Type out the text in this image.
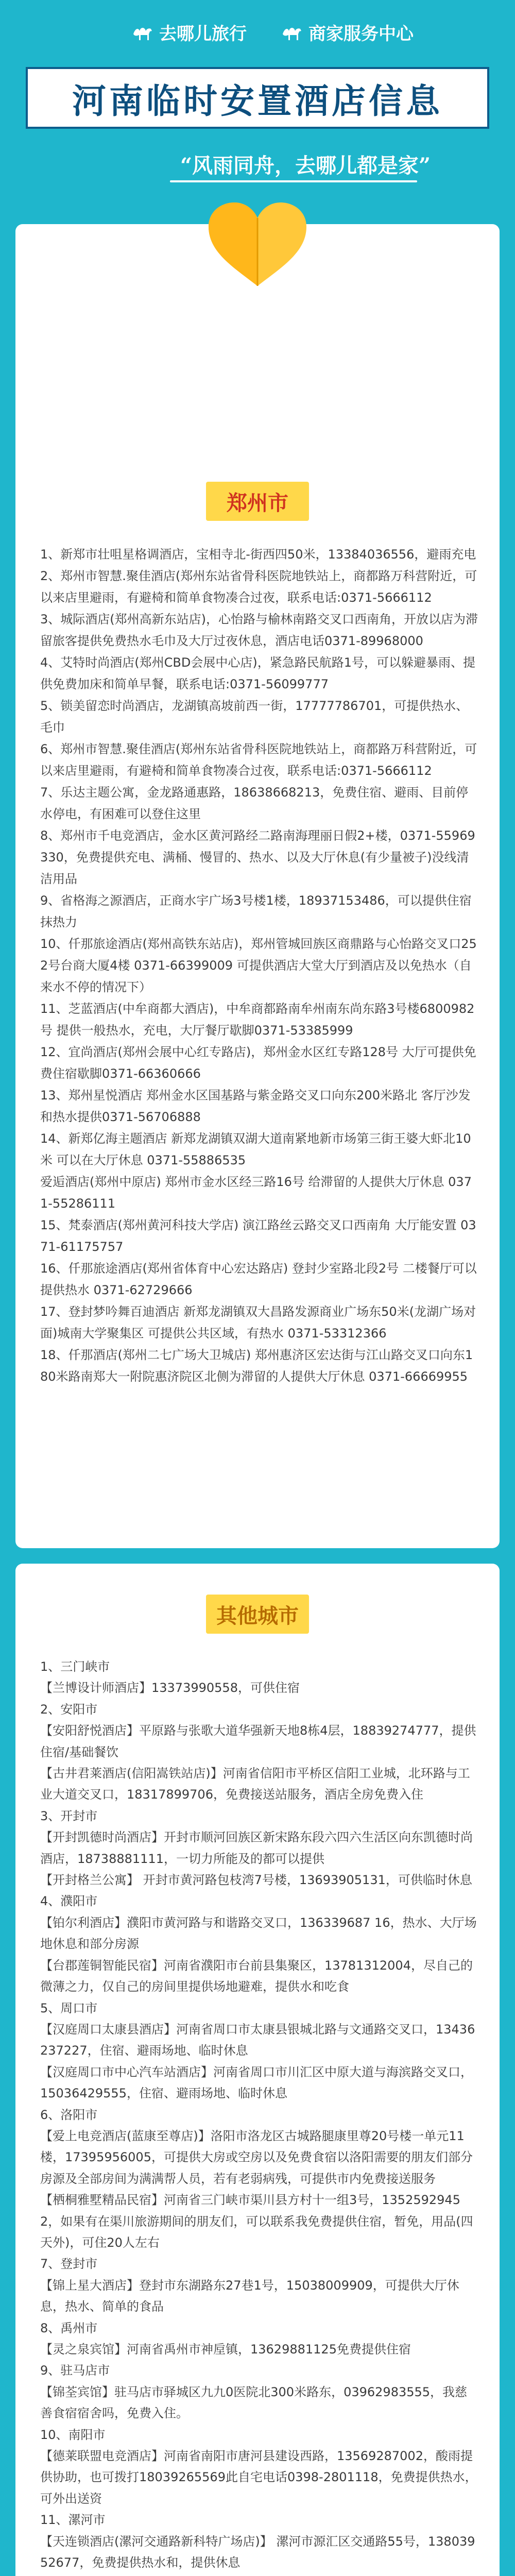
去哪儿旅行	商家服务中心
河南临时安置酒店信息
“风雨同舟，去哪儿都是家”
郑州市
1、新郑市壮咀星格调酒店，宝相寺北-街西四50米，13384036556，避雨充电
2、郑州市智慧.聚佳酒店(郑州东站省骨科医院地铁站上，商都路万科营附近，可以来店里避雨，有避椅和简单食物凑合过夜，联系电话:0371-5666112
3、城际酒店(郑州高新东站店)，心怡路与榆林南路交叉口西南角，开放以店为滞留旅客提供免费热水毛巾及大厅过夜休息，酒店电话0371-89968000
4、艾特时尚酒店(郑州CBD会展中心店)，紧急路民航路1号，可以躲避暴雨、提供免费加床和简单早餐，联系电话:0371-56099777
5、锁美留恋时尚酒店，龙湖镇高坡前西一街，17777786701，可提供热水、毛巾
6、郑州市智慧.聚佳酒店(郑州东站省骨科医院地铁站上，商都路万科营附近，可以来店里避雨，有避椅和简单食物凑合过夜，联系电话:0371-5666112
7、乐达主题公寓，金龙路通惠路，18638668213，免费住宿、避雨、目前停水停电，有困难可以登住这里
8、郑州市千电竞酒店，金水区黄河路经二路南海理丽日假2+楼，0371-55969330，免费提供充电、满桶、慢冒的、热水、以及大厅休息(有少量被子)没线清洁用品
9、省格海之源酒店，正商水宇广场3号楼1楼，18937153486，可以提供住宿抹热力
10、仟那旅途酒店(郑州高铁东站店)，郑州管城回族区商鼎路与心怡路交叉口252号台商大厦4楼 0371-66399009 可提供酒店大堂大厅到酒店及以免热水（自来水不停的情况下）
11、芝蓝酒店(中牟商都大酒店)，中牟商都路南牟州南东尚东路3号楼6800982号 提供一般热水，充电，大厅餐厅歇脚0371-53385999
12、宜尚酒店(郑州会展中心红专路店)，郑州金水区红专路128号 大厅可提供免费住宿歇脚0371-66360666
13、郑州星悦酒店 郑州金水区国基路与紫金路交叉口向东200米路北 客厅沙发和热水提供0371-56706888
14、新郑亿海主题酒店 新郑龙湖镇双湖大道南紧地新市场第三街王婆大虾北10米 可以在大厅休息 0371-55886535
爱逅酒店(郑州中原店) 郑州市金水区经三路16号 给滞留的人提供大厅休息 0371-55286111
15、梵泰酒店(郑州黄河科技大学店) 演江路丝云路交叉口西南角 大厅能安置 0371-61175757
16、仟那旅途酒店(郑州省体育中心宏达路店) 登封少室路北段2号 二楼餐厅可以提供热水 0371-62729666
17、登封梦吟舞百迪酒店 新郑龙湖镇双大昌路发源商业广场东50米(龙湖广场对面)城南大学聚集区 可提供公共区域，有热水 0371-53312366
18、仟那酒店(郑州二七广场大卫城店) 郑州惠济区宏达街与江山路交叉口向东180米路南郑大一附院惠济院区北侧为滞留的人提供大厅休息 0371-66669955
其他城市
1、三门峡市
【兰博设计师酒店】13373990558，可供住宿
2、安阳市
【安阳舒悦酒店】平原路与张歌大道华强新天地8栋4层，18839274777，提供住宿/基础餐饮
【古井君莱酒店(信阳嵩铁站店)】河南省信阳市平桥区信阳工业城，北环路与工业大道交叉口，18317899706，免费接送站服务，酒店全房免费入住
3、开封市
【开封凯德时尚酒店】开封市顺河回族区新宋路东段六四六生活区向东凯德时尚酒店，18738881111，一切力所能及的都可以提供
【开封格兰公寓】 开封市黄河路包枝湾7号楼，13693905131，可供临时休息
4、濮阳市
【铂尔利酒店】濮阳市黄河路与和谐路交叉口，136339687 16，热水、大厅场地休息和部分房源
【台郡莲铜智能民宿】河南省濮阳市台前县集聚区，13781312004，尽自己的微薄之力，仅自己的房间里提供场地避难，提供水和吃食
5、周口市
【汉庭周口太康县酒店】河南省周口市太康县银城北路与文通路交叉口，13436237227，住宿、避雨场地、临时休息
【汉庭周口市中心汽车站酒店】河南省周口市川汇区中原大道与海滨路交叉口，15036429555，住宿、避雨场地、临时休息
6、洛阳市
【爱上电竞酒店(蓝康至尊店)】洛阳市洛龙区古城路腿康里尊20号楼一单元11楼，17395956005，可提供大房或空房以及免费食宿以洛阳需要的朋友们部分房源及全部房间为满满帮人员，若有老弱病残，可提供市内免费接送服务
【栖桐雅墅精品民宿】河南省三门峡市渠川县方村十一组3号，13525929452，如果有在渠川旅游期间的朋友们，可以联系我免费提供住宿，暂免，用品(四天外)，可住20人左右
7、登封市
【锦上星大酒店】登封市东湖路东27巷1号，15038009909，可提供大厅休息，热水、简单的食品
8、禹州市
【灵之泉宾馆】河南省禹州市神垕镇，13629881125免费提供住宿
9、驻马店市
【锦荃宾馆】驻马店市驿城区九九0医院北300米路东，03962983555，我慈善食宿宿舍吗，免费入住。
10、南阳市
【德莱联盟电竞酒店】河南省南阳市唐河县建设西路，13569287002，酸雨提供协助，也可拨打18039265569此自宅电话0398-2801118，免费提供热水，可外出送资
11、漯河市
【天连锁酒店(漯河交通路新科特广场店)】 漯河市源汇区交通路55号，13803952677，免费提供热水和，提供休息
